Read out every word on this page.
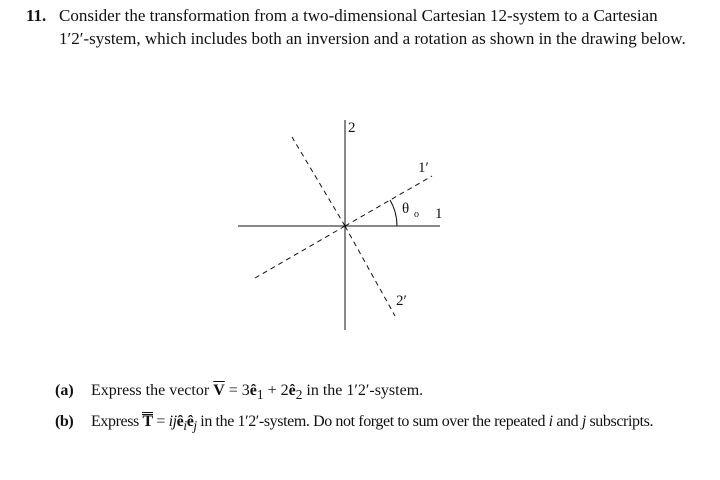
11. Consider the transformation from a two-dimensional Cartesian 12-system to a Cartesian 1′2′-system, which includes both an inversion and a rotation as shown in the drawing below.
2
1′
1
θ o
2′
(a) Express the vector $\overline{V}$ = $3ê_1$ + $2ê_2$ in the 1′2′-system.
(b) Express $T = ijê_iê_j$ in the 1′2′-system. Do not forget to sum over the repeated i and j subscripts.
